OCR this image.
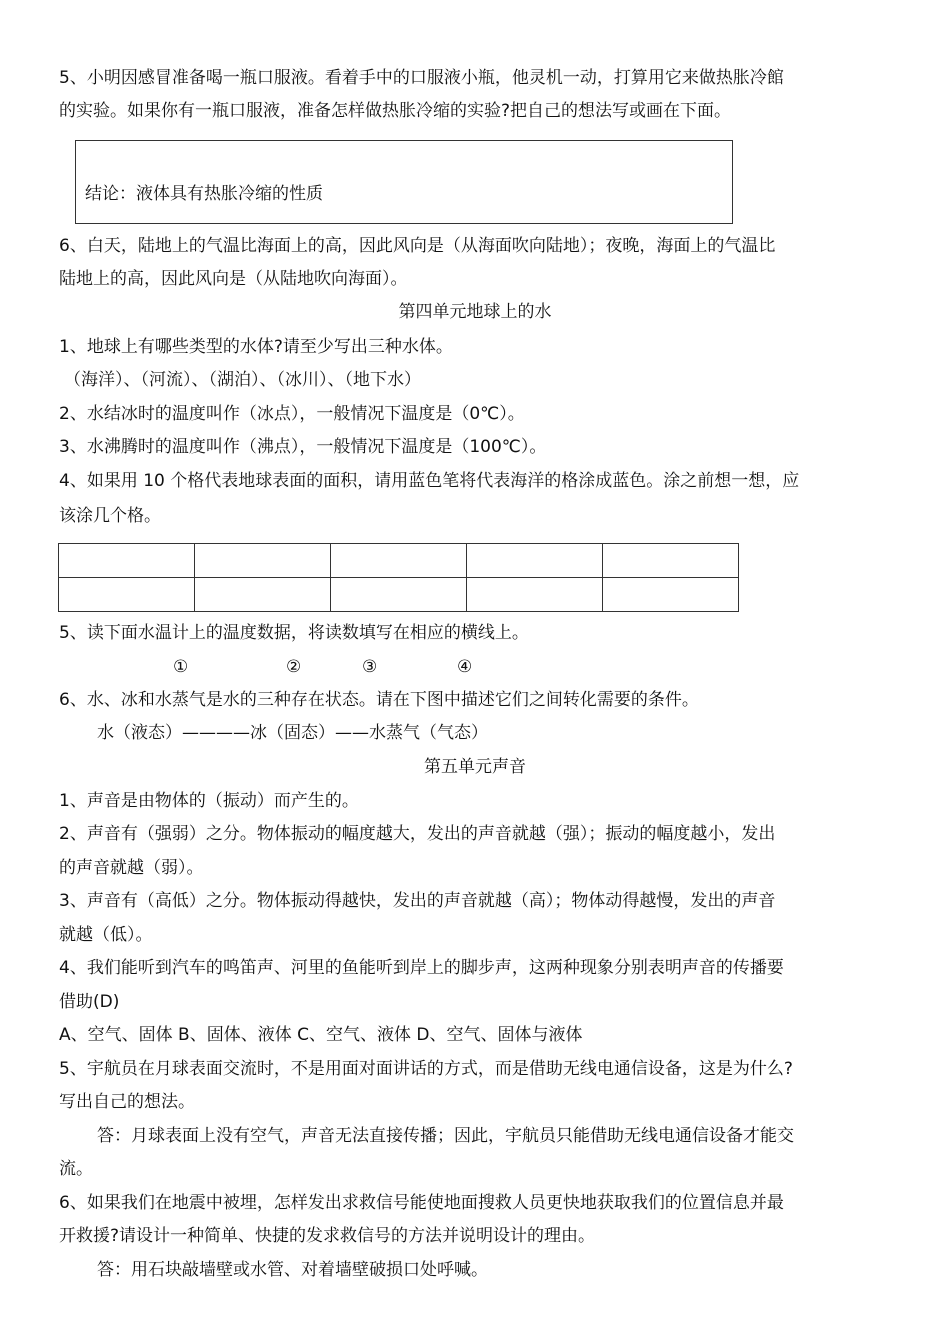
5、小明因感冒准备喝一瓶口服液。看着手中的口服液小瓶，他灵机一动，打算用它来做热胀冷館
的实验。如果你有一瓶口服液，准备怎样做热胀冷缩的实验?把自己的想法写或画在下面。
结论：液体具有热胀冷缩的性质
6、白天，陆地上的气温比海面上的高，因此风向是（从海面吹向陆地）；夜晚，海面上的气温比
陆地上的高，因此风向是（从陆地吹向海面）。
第四单元地球上的水
1、地球上有哪些类型的水体?请至少写出三种水体。
（海洋）、（河流）、（湖泊）、（冰川）、（地下水）
2、水结冰时的温度叫作（冰点），一般情况下温度是（0℃）。
3、水沸腾时的温度叫作（沸点），一般情况下温度是（100℃）。
4、如果用 10 个格代表地球表面的面积，请用蓝色笔将代表海洋的格涂成蓝色。涂之前想一想，应
该涂几个格。

5、读下面水温计上的温度数据，将读数填写在相应的横线上。
①	②	③	④
6、水、冰和水蒸气是水的三种存在状态。请在下图中描述它们之间转化需要的条件。
水（液态）————冰（固态）——水蒸气（气态）
第五单元声音
1、声音是由物体的（振动）而产生的。
2、声音有（强弱）之分。物体振动的幅度越大，发出的声音就越（强）；振动的幅度越小，发出
的声音就越（弱）。
3、声音有（高低）之分。物体振动得越快，发出的声音就越（高）；物体动得越慢，发出的声音
就越（低）。
4、我们能听到汽车的鸣笛声、河里的鱼能听到岸上的脚步声，这两种现象分别表明声音的传播要
借助(D)
A、空气、固体 B、固体、液体 C、空气、液体 D、空气、固体与液体
5、宇航员在月球表面交流时，不是用面对面讲话的方式，而是借助无线电通信设备，这是为什么?
写出自己的想法。
答：月球表面上没有空气，声音无法直接传播；因此，宇航员只能借助无线电通信设备才能交
流。
6、如果我们在地震中被埋，怎样发出求救信号能使地面搜救人员更快地获取我们的位置信息并最
开救援?请设计一种简单、快捷的发求救信号的方法并说明设计的理由。
答：用石块敲墙壁或水管、对着墙壁破损口处呼喊。
